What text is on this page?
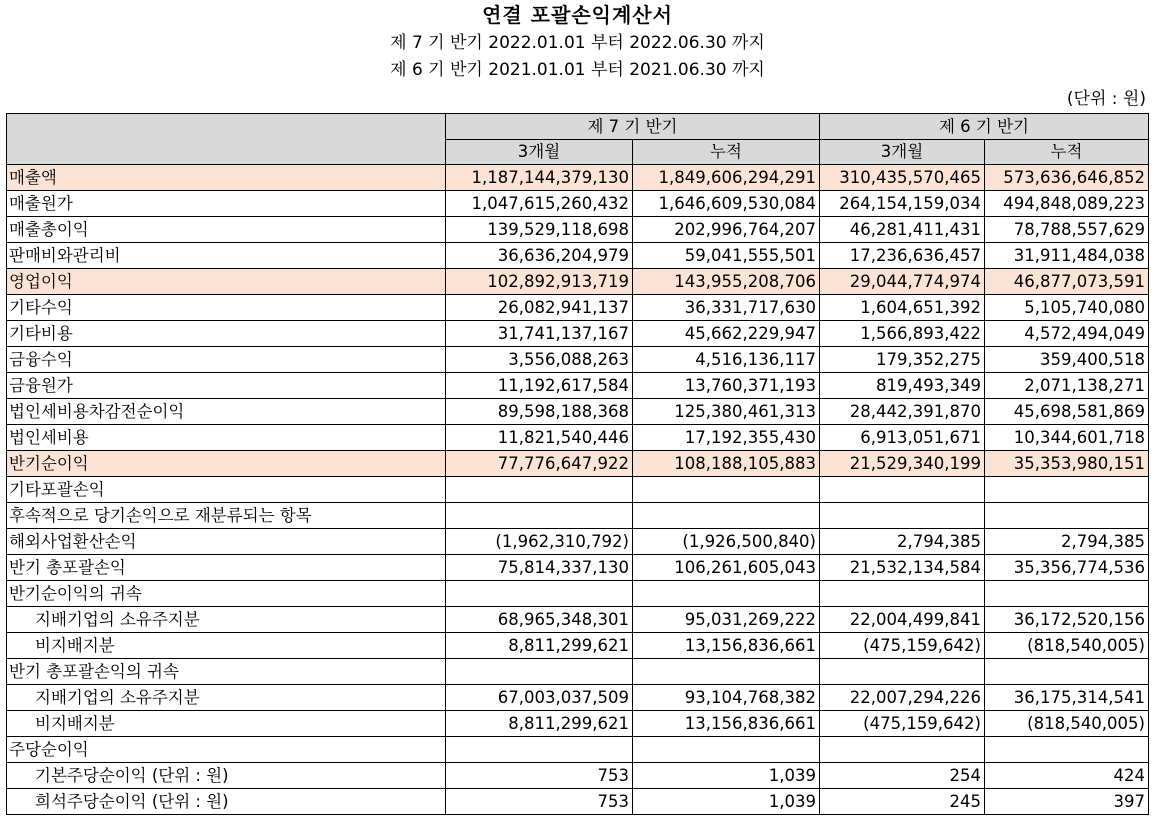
연결 포괄손익계산서
제 7 기 반기 2022.01.01 부터 2022.06.30 까지
제 6 기 반기 2021.01.01 부터 2021.06.30 까지
(단위 : 원)
	제 7 기 반기		제 6 기 반기	
	3개월	누적	3개월	누적
매출액	1,187,144,379,130	1,849,606,294,291	310,435,570,465	573,636,646,852
매출원가	1,047,615,260,432	1,646,609,530,084	264,154,159,034	494,848,089,223
매출총이익	139,529,118,698	202,996,764,207	46,281,411,431	78,788,557,629
판매비와관리비	36,636,204,979	59,041,555,501	17,236,636,457	31,911,484,038
영업이익	102,892,913,719	143,955,208,706	29,044,774,974	46,877,073,591
기타수익	26,082,941,137	36,331,717,630	1,604,651,392	5,105,740,080
기타비용	31,741,137,167	45,662,229,947	1,566,893,422	4,572,494,049
금융수익	3,556,088,263	4,516,136,117	179,352,275	359,400,518
금융원가	11,192,617,584	13,760,371,193	819,493,349	2,071,138,271
법인세비용차감전순이익	89,598,188,368	125,380,461,313	28,442,391,870	45,698,581,869
법인세비용	11,821,540,446	17,192,355,430	6,913,051,671	10,344,601,718
반기순이익	77,776,647,922	108,188,105,883	21,529,340,199	35,353,980,151
기타포괄손익				
후속적으로 당기손익으로 재분류되는 항목				
해외사업환산손익	(1,962,310,792)	(1,926,500,840)	2,794,385	2,794,385
반기 총포괄손익	75,814,337,130	106,261,605,043	21,532,134,584	35,356,774,536
반기순이익의 귀속				
지배기업의 소유주지분	68,965,348,301	95,031,269,222	22,004,499,841	36,172,520,156
비지배지분	8,811,299,621	13,156,836,661	(475,159,642)	(818,540,005)
반기 총포괄손익의 귀속				
지배기업의 소유주지분	67,003,037,509	93,104,768,382	22,007,294,226	36,175,314,541
비지배지분	8,811,299,621	13,156,836,661	(475,159,642)	(818,540,005)
주당순이익				
기본주당순이익 (단위 : 원)	753	1,039	254	424
희석주당순이익 (단위 : 원)	753	1,039	245	397
